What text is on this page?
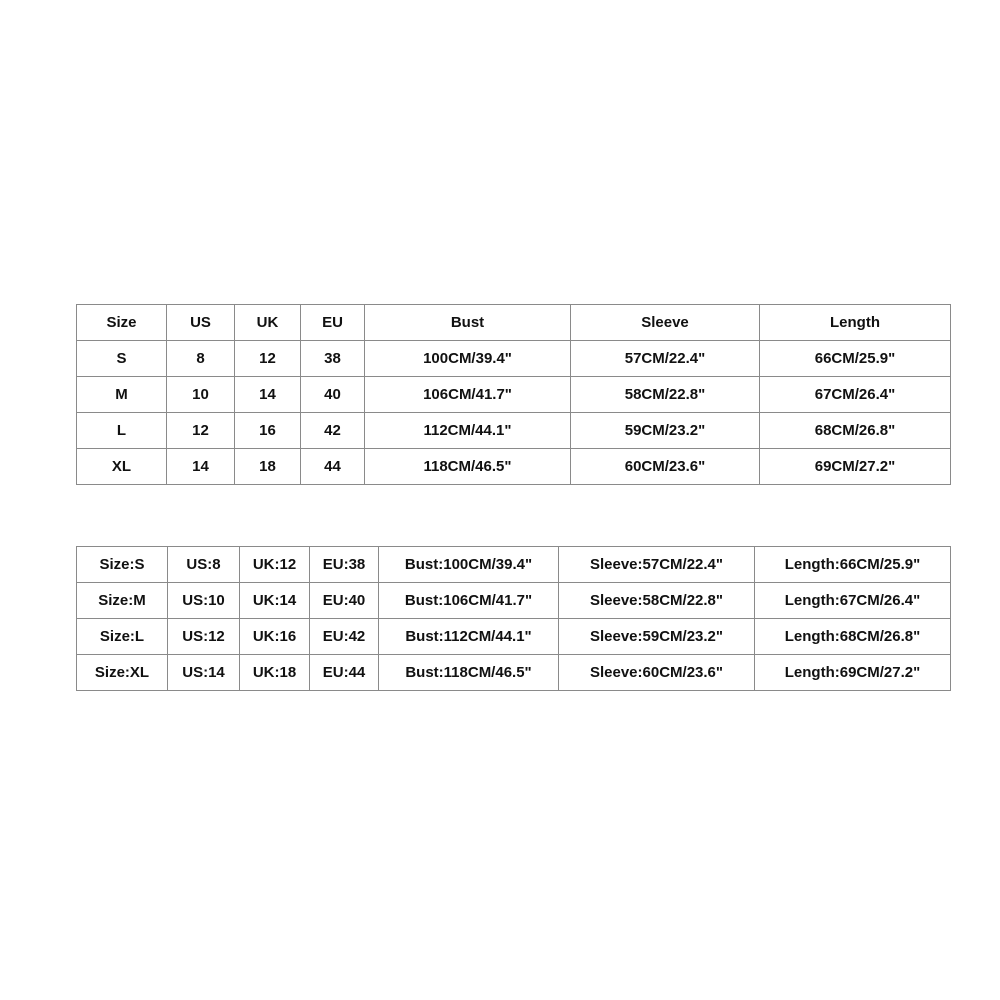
Size	US	UK	EU	Bust	Sleeve	Length
S	8	12	38	100CM/39.4"	57CM/22.4"	66CM/25.9"
M	10	14	40	106CM/41.7"	58CM/22.8"	67CM/26.4"
L	12	16	42	112CM/44.1"	59CM/23.2"	68CM/26.8"
XL	14	18	44	118CM/46.5"	60CM/23.6"	69CM/27.2"
Size:S	US:8	UK:12	EU:38	Bust:100CM/39.4"	Sleeve:57CM/22.4"	Length:66CM/25.9"
Size:M	US:10	UK:14	EU:40	Bust:106CM/41.7"	Sleeve:58CM/22.8"	Length:67CM/26.4"
Size:L	US:12	UK:16	EU:42	Bust:112CM/44.1"	Sleeve:59CM/23.2"	Length:68CM/26.8"
Size:XL	US:14	UK:18	EU:44	Bust:118CM/46.5"	Sleeve:60CM/23.6"	Length:69CM/27.2"
